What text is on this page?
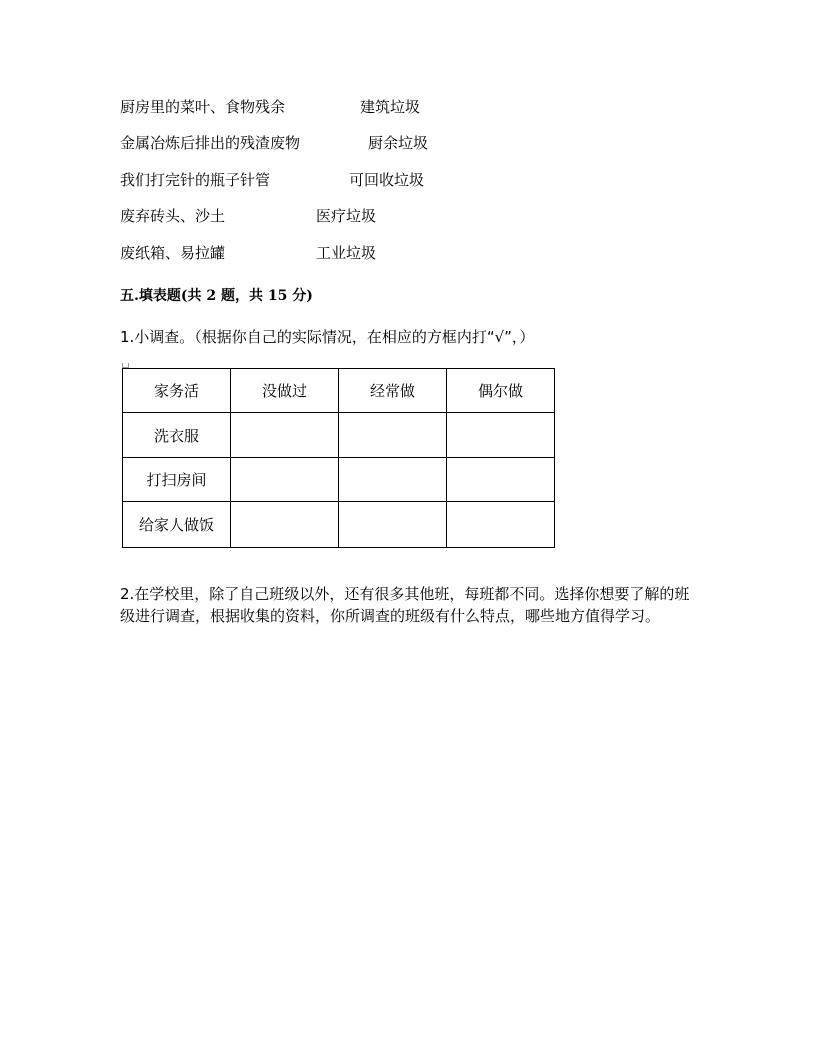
厨房里的菜叶、食物残余	建筑垃圾
金属冶炼后排出的残渣废物	厨余垃圾
我们打完针的瓶子针管	可回收垃圾
废弃砖头、沙土	医疗垃圾
废纸箱、易拉罐	工业垃圾
五.填表题(共 2 题，共 15 分)
1.小调查。（根据你自己的实际情况，在相应的方框内打“√”，）
家务活	没做过	经常做	偶尔做
洗衣服			
打扫房间			
给家人做饭			
2.在学校里，除了自己班级以外，还有很多其他班，每班都不同。选择你想要了解的班级进行调查，根据收集的资料，你所调查的班级有什么特点，哪些地方值得学习。
